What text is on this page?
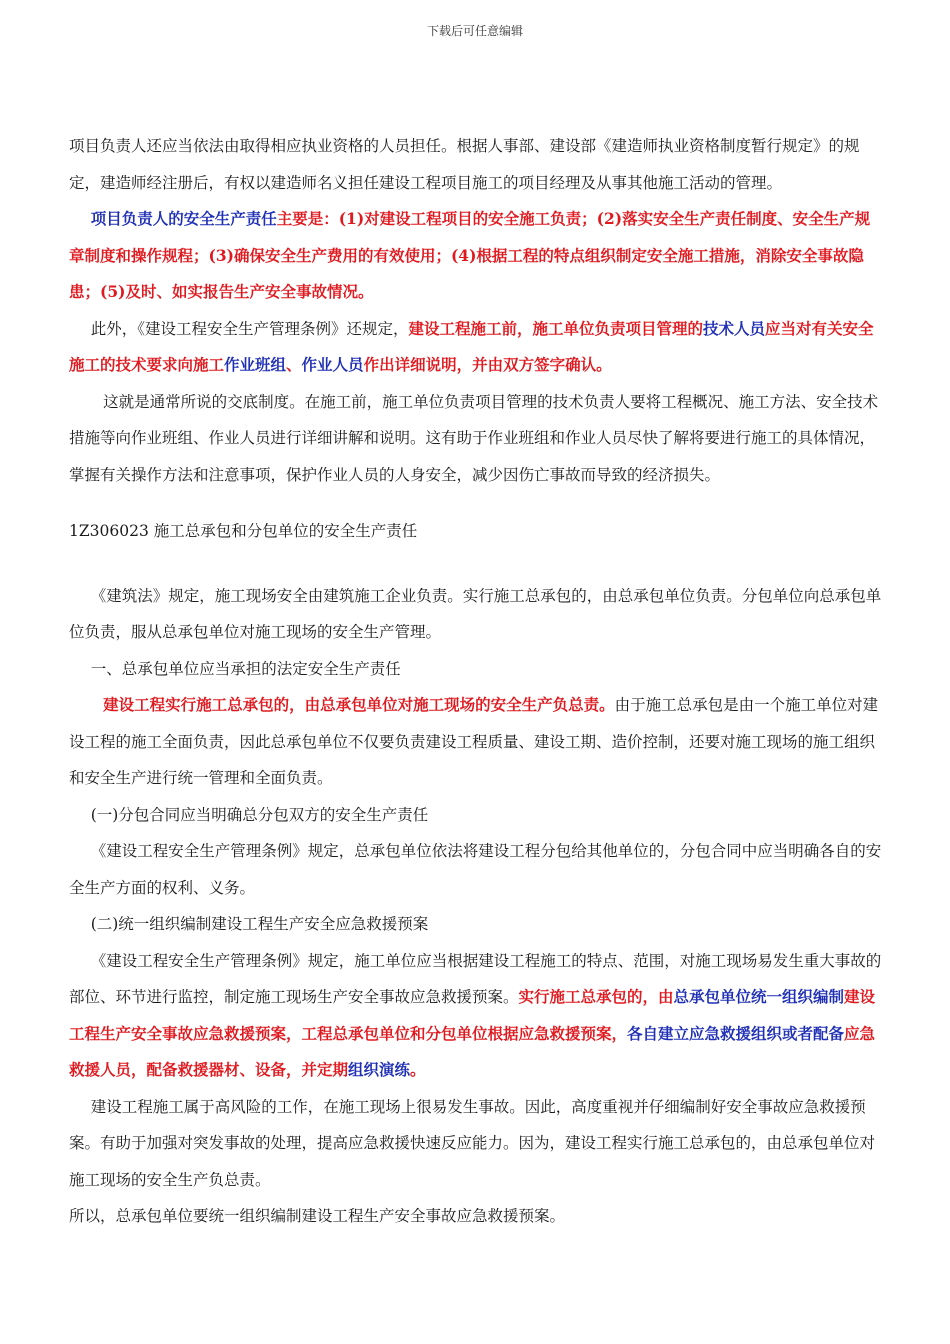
下载后可任意编辑

项目负责人还应当依法由取得相应执业资格的人员担任。根据人事部、建设部《建造师执业资格制度暂行规定》的规定，建造师经注册后，有权以建造师名义担任建设工程项目施工的项目经理及从事其他施工活动的管理。

项目负责人的安全生产责任主要是：(1)对建设工程项目的安全施工负责；(2)落实安全生产责任制度、安全生产规章制度和操作规程；(3)确保安全生产费用的有效使用；(4)根据工程的特点组织制定安全施工措施，消除安全事故隐患；(5)及时、如实报告生产安全事故情况。

此外，《建设工程安全生产管理条例》还规定，建设工程施工前，施工单位负责项目管理的技术人员应当对有关安全施工的技术要求向施工作业班组、作业人员作出详细说明，并由双方签字确认。

这就是通常所说的交底制度。在施工前，施工单位负责项目管理的技术负责人要将工程概况、施工方法、安全技术措施等向作业班组、作业人员进行详细讲解和说明。这有助于作业班组和作业人员尽快了解将要进行施工的具体情况，掌握有关操作方法和注意事项，保护作业人员的人身安全，减少因伤亡事故而导致的经济损失。

1Z306023 施工总承包和分包单位的安全生产责任

《建筑法》规定，施工现场安全由建筑施工企业负责。实行施工总承包的，由总承包单位负责。分包单位向总承包单位负责，服从总承包单位对施工现场的安全生产管理。

一、总承包单位应当承担的法定安全生产责任

建设工程实行施工总承包的，由总承包单位对施工现场的安全生产负总责。由于施工总承包是由一个施工单位对建设工程的施工全面负责，因此总承包单位不仅要负责建设工程质量、建设工期、造价控制，还要对施工现场的施工组织和安全生产进行统一管理和全面负责。

(一)分包合同应当明确总分包双方的安全生产责任

《建设工程安全生产管理条例》规定，总承包单位依法将建设工程分包给其他单位的，分包合同中应当明确各自的安全生产方面的权利、义务。

(二)统一组织编制建设工程生产安全应急救援预案

《建设工程安全生产管理条例》规定，施工单位应当根据建设工程施工的特点、范围，对施工现场易发生重大事故的部位、环节进行监控，制定施工现场生产安全事故应急救援预案。实行施工总承包的，由总承包单位统一组织编制建设工程生产安全事故应急救援预案，工程总承包单位和分包单位根据应急救援预案，各自建立应急救援组织或者配备应急救援人员，配备救援器材、设备，并定期组织演练。

建设工程施工属于高风险的工作，在施工现场上很易发生事故。因此，高度重视并仔细编制好安全事故应急救援预案。有助于加强对突发事故的处理，提高应急救援快速反应能力。因为，建设工程实行施工总承包的，由总承包单位对施工现场的安全生产负总责。

所以，总承包单位要统一组织编制建设工程生产安全事故应急救援预案。
